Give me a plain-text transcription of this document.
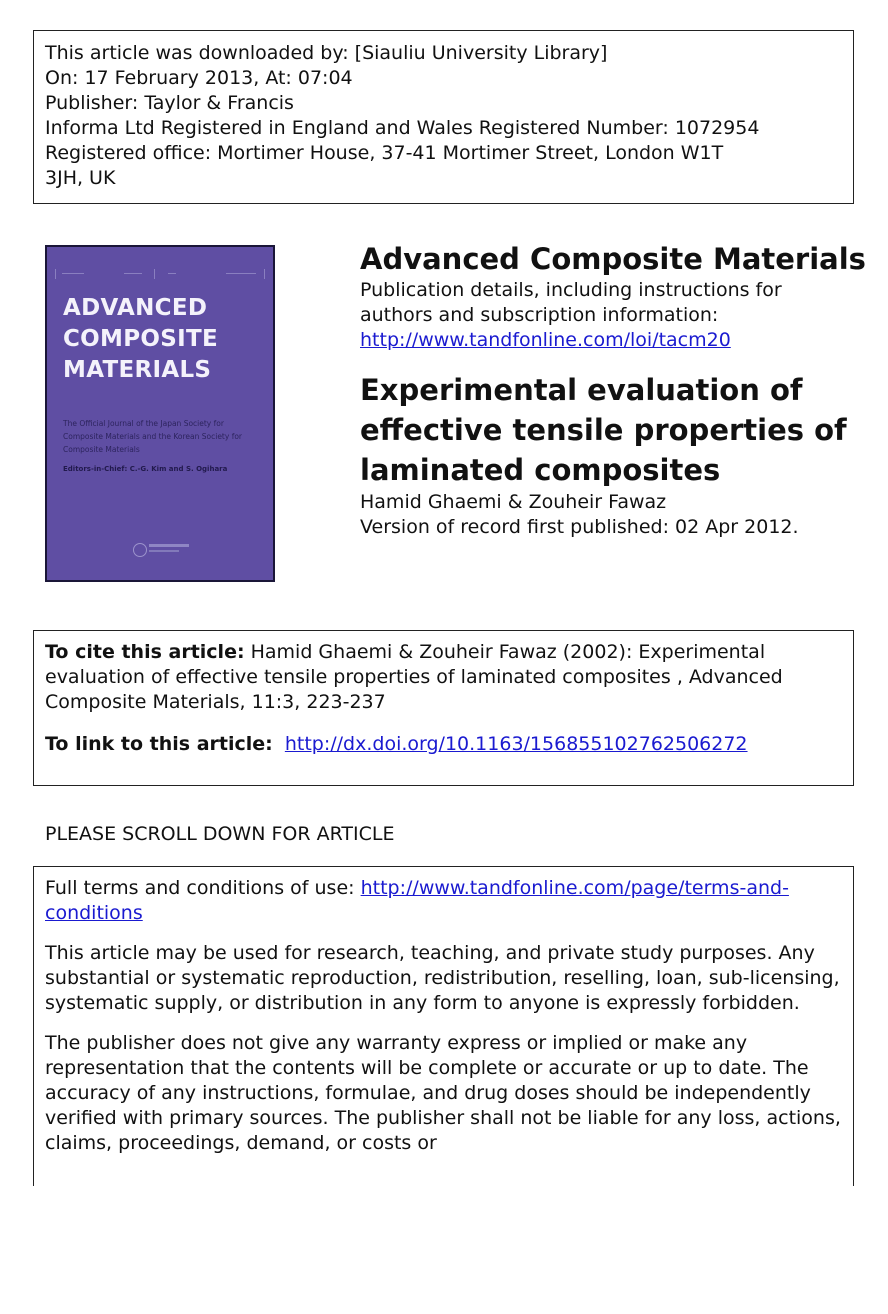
This article was downloaded by: [Siauliu University Library]
On: 17 February 2013, At: 07:04
Publisher: Taylor & Francis
Informa Ltd Registered in England and Wales Registered Number: 1072954
Registered office: Mortimer House, 37-41 Mortimer Street, London W1T
3JH, UK
ADVANCED
COMPOSITE
MATERIALS
The Official Journal of the Japan Society for Composite Materials and the Korean Society for Composite Materials
Editors-in-Chief: C.-G. Kim and S. Ogihara
Advanced Composite Materials
Publication details, including instructions for authors and subscription information:
http://www.tandfonline.com/loi/tacm20
Experimental evaluation of effective tensile properties of laminated composites
Hamid Ghaemi & Zouheir Fawaz
Version of record first published: 02 Apr 2012.
To cite this article: Hamid Ghaemi & Zouheir Fawaz (2002): Experimental evaluation of effective tensile properties of laminated composites , Advanced Composite Materials, 11:3, 223-237
To link to this article: http://dx.doi.org/10.1163/156855102762506272
PLEASE SCROLL DOWN FOR ARTICLE

Full terms and conditions of use: http://www.tandfonline.com/page/terms-and-conditions

This article may be used for research, teaching, and private study purposes. Any substantial or systematic reproduction, redistribution, reselling, loan, sub-licensing, systematic supply, or distribution in any form to anyone is expressly forbidden.

The publisher does not give any warranty express or implied or make any representation that the contents will be complete or accurate or up to date. The accuracy of any instructions, formulae, and drug doses should be independently verified with primary sources. The publisher shall not be liable for any loss, actions, claims, proceedings, demand, or costs or
